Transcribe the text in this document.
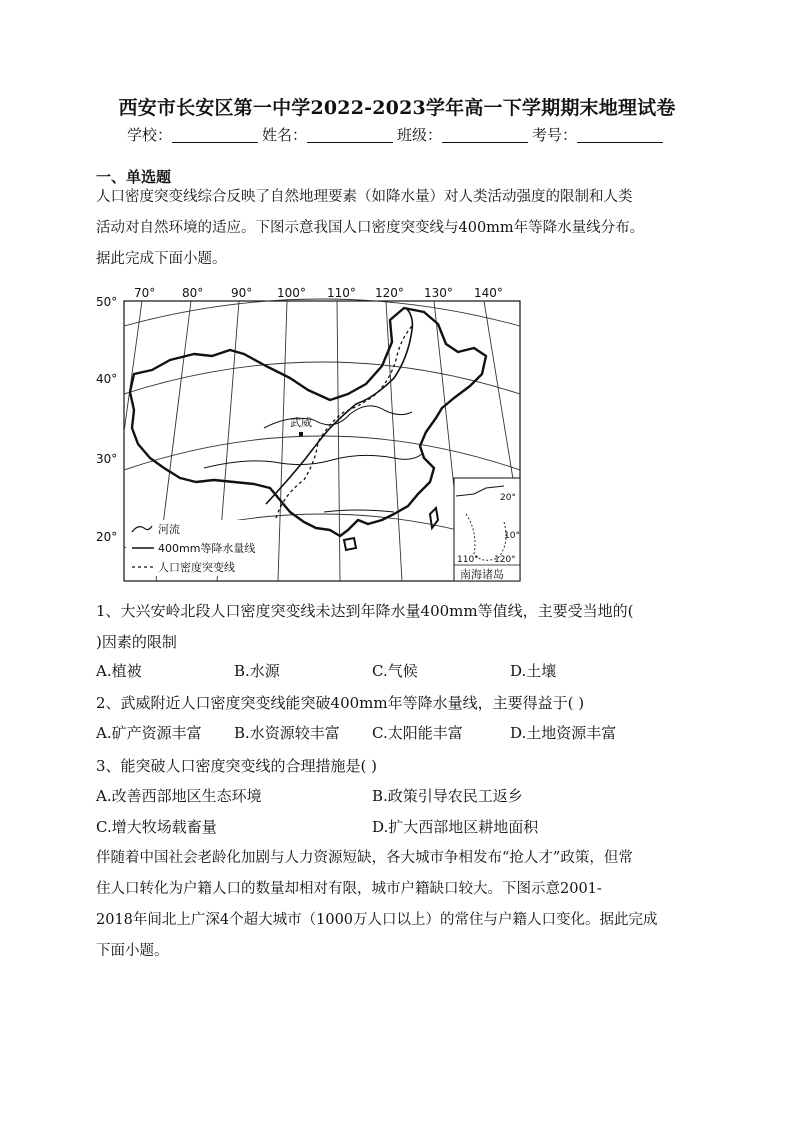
西安市长安区第一中学2022-2023学年高一下学期期末地理试卷
学校：	姓名：	班级：	考号：
一、单选题
人口密度突变线综合反映了自然地理要素（如降水量）对人类活动强度的限制和人类
活动对自然环境的适应。下图示意我国人口密度突变线与400mm年等降水量线分布。
据此完成下面小题。
70° 80° 90° 100° 110° 120° 130° 140°
50°
40°
30°
20°
武威
20°
10°
110° 120°
南海诸岛
河流
400mm等降水量线
人口密度突变线
1、大兴安岭北段人口密度突变线未达到年降水量400mm等值线，主要受当地的(
)因素的限制
A.植被	B.水源	C.气候	D.土壤
2、武威附近人口密度突变线能突破400mm年等降水量线，主要得益于( )
A.矿产资源丰富 B.水资源较丰富 C.太阳能丰富	D.土地资源丰富
3、能突破人口密度突变线的合理措施是( )
A.改善西部地区生态环境	B.政策引导农民工返乡
C.增大牧场载畜量	D.扩大西部地区耕地面积
伴随着中国社会老龄化加剧与人力资源短缺，各大城市争相发布“抢人才”政策，但常
住人口转化为户籍人口的数量却相对有限，城市户籍缺口较大。下图示意2001-
2018年间北上广深4个超大城市（1000万人口以上）的常住与户籍人口变化。据此完成
下面小题。
